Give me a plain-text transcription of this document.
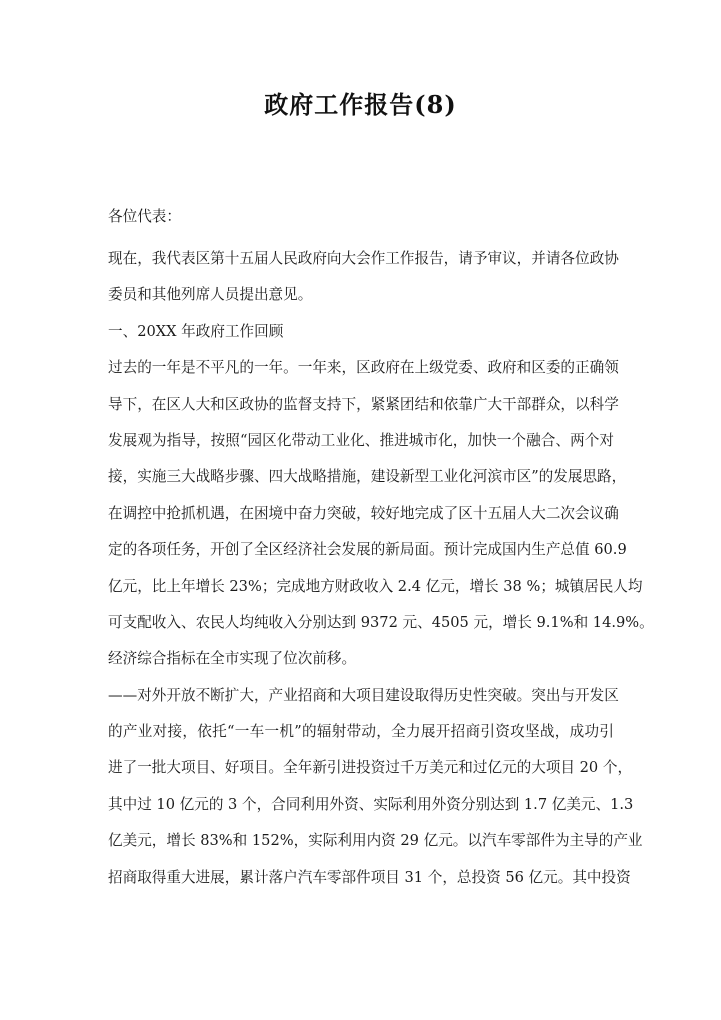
政府工作报告(8)
各位代表：
现在，我代表区第十五届人民政府向大会作工作报告，请予审议，并请各位政协
委员和其他列席人员提出意见。
一、20XX 年政府工作回顾
过去的一年是不平凡的一年。一年来，区政府在上级党委、政府和区委的正确领
导下，在区人大和区政协的监督支持下，紧紧团结和依靠广大干部群众，以科学
发展观为指导，按照“园区化带动工业化、推进城市化，加快一个融合、两个对
接，实施三大战略步骤、四大战略措施，建设新型工业化河滨市区”的发展思路，
在调控中抢抓机遇，在困境中奋力突破，较好地完成了区十五届人大二次会议确
定的各项任务，开创了全区经济社会发展的新局面。预计完成国内生产总值 60.9
亿元，比上年增长 23%；完成地方财政收入 2.4 亿元，增长 38 %；城镇居民人均
可支配收入、农民人均纯收入分别达到 9372 元、4505 元，增长 9.1%和 14.9%。
经济综合指标在全市实现了位次前移。
——对外开放不断扩大，产业招商和大项目建设取得历史性突破。突出与开发区
的产业对接，依托“一车一机”的辐射带动，全力展开招商引资攻坚战，成功引
进了一批大项目、好项目。全年新引进投资过千万美元和过亿元的大项目 20 个，
其中过 10 亿元的 3 个，合同利用外资、实际利用外资分别达到 1.7 亿美元、1.3
亿美元，增长 83%和 152%，实际利用内资 29 亿元。以汽车零部件为主导的产业
招商取得重大进展，累计落户汽车零部件项目 31 个，总投资 56 亿元。其中投资
